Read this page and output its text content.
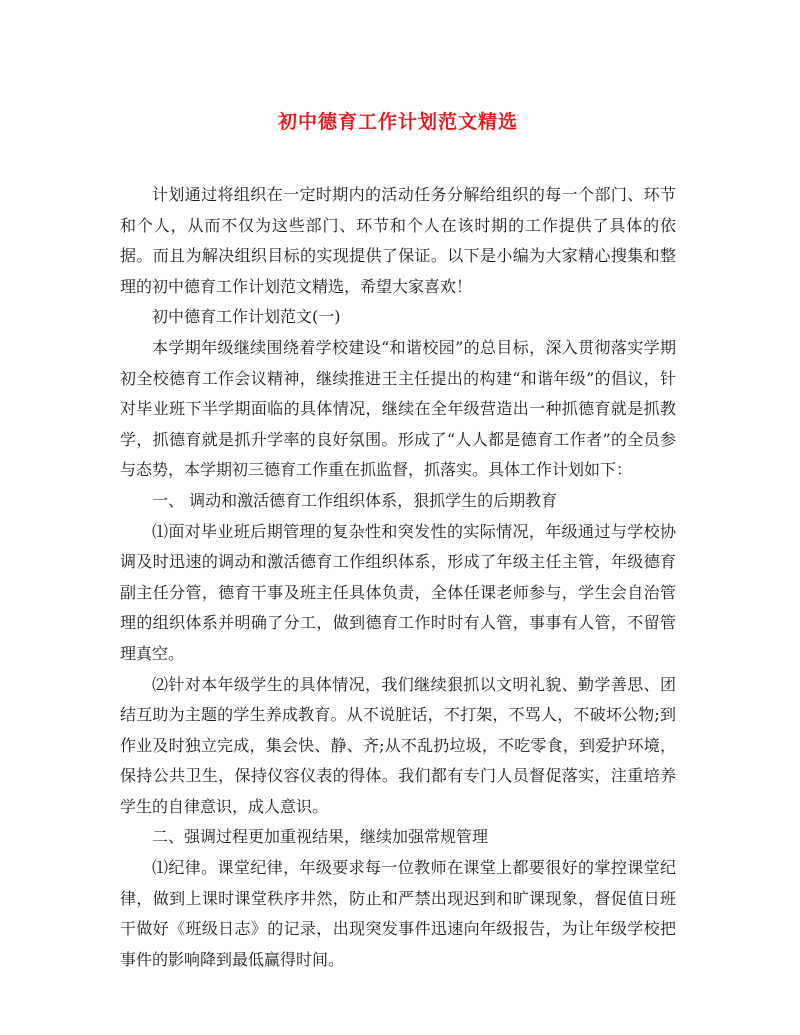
初中德育工作计划范文精选

计划通过将组织在一定时期内的活动任务分解给组织的每一个部门、环节和个人，从而不仅为这些部门、环节和个人在该时期的工作提供了具体的依据。而且为解决组织目标的实现提供了保证。以下是小编为大家精心搜集和整理的初中德育工作计划范文精选，希望大家喜欢！

初中德育工作计划范文(一)

本学期年级继续围绕着学校建设“和谐校园”的总目标，深入贯彻落实学期初全校德育工作会议精神，继续推进王主任提出的构建“和谐年级”的倡议，针对毕业班下半学期面临的具体情况，继续在全年级营造出一种抓德育就是抓教学，抓德育就是抓升学率的良好氛围。形成了“人人都是德育工作者”的全员参与态势，本学期初三德育工作重在抓监督，抓落实。具体工作计划如下：

一、 调动和激活德育工作组织体系，狠抓学生的后期教育

⑴面对毕业班后期管理的复杂性和突发性的实际情况，年级通过与学校协调及时迅速的调动和激活德育工作组织体系，形成了年级主任主管，年级德育副主任分管，德育干事及班主任具体负责，全体任课老师参与，学生会自治管理的组织体系并明确了分工，做到德育工作时时有人管，事事有人管，不留管理真空。

⑵针对本年级学生的具体情况，我们继续狠抓以文明礼貌、勤学善思、团结互助为主题的学生养成教育。从不说脏话，不打架，不骂人，不破坏公物;到作业及时独立完成，集会快、静、齐;从不乱扔垃圾，不吃零食，到爱护环境，保持公共卫生，保持仪容仪表的得体。我们都有专门人员督促落实，注重培养学生的自律意识，成人意识。

二、强调过程更加重视结果，继续加强常规管理

⑴纪律。课堂纪律，年级要求每一位教师在课堂上都要很好的掌控课堂纪律，做到上课时课堂秩序井然，防止和严禁出现迟到和旷课现象，督促值日班干做好《班级日志》的记录，出现突发事件迅速向年级报告，为让年级学校把事件的影响降到最低赢得时间。
